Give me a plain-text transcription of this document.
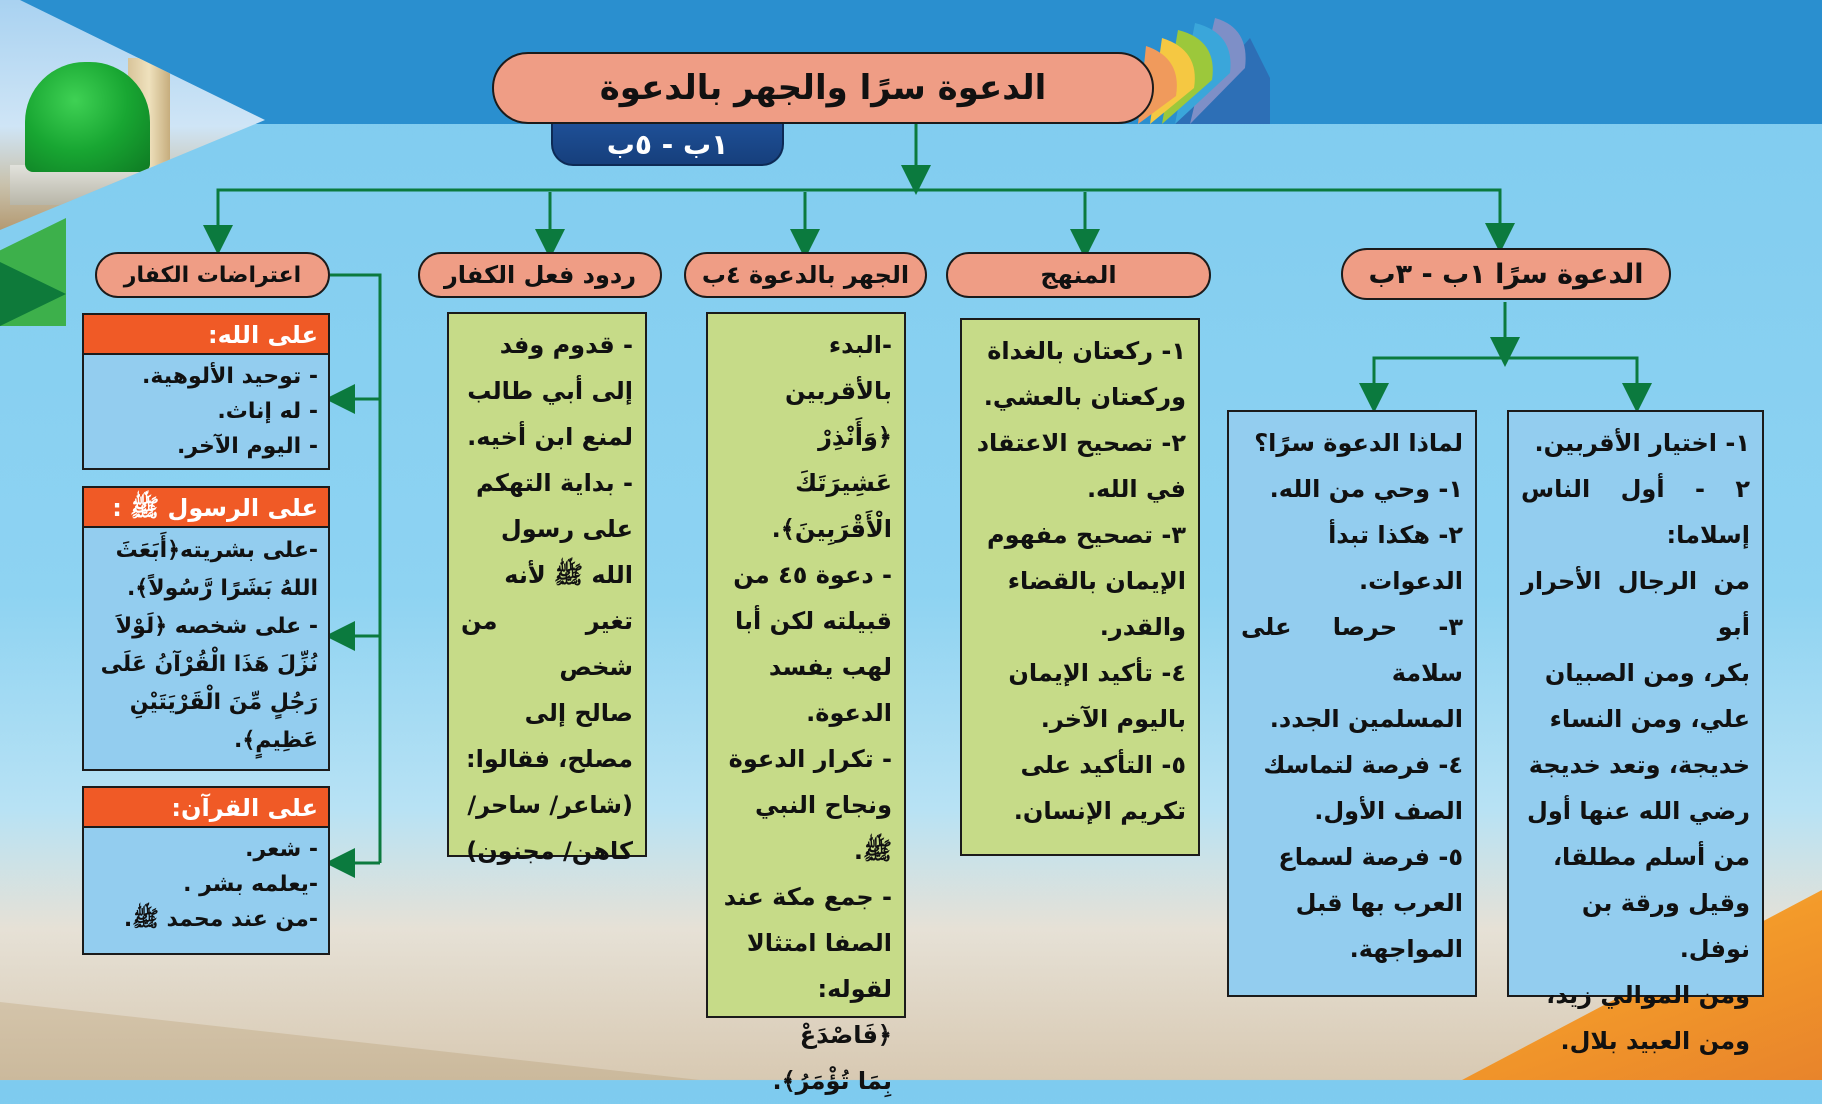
الدعوة سرًا والجهر بالدعوة
١ب - ٥ب
الدعوة سرًا ١ب - ٣ب
المنهج
الجهر بالدعوة ٤ب
ردود فعل الكفار
اعتراضات الكفار
١- اختيار الأقربين.
٢ - أول الناس إسلاما:
من الرجال الأحرار أبو
بكر، ومن الصبيان
علي، ومن النساء
خديجة، وتعد خديجة
رضي الله عنها أول
من أسلم مطلقا،
وقيل ورقة بن
نوفل.
ومن الموالي زيد،
ومن العبيد بلال.
لماذا الدعوة سرًا؟
١- وحي من الله.
٢- هكذا تبدأ
الدعوات.
٣- حرصا على سلامة
المسلمين الجدد.
٤- فرصة لتماسك
الصف الأول.
٥- فرصة لسماع
العرب بها قبل
المواجهة.
١- ركعتان بالغداة
وركعتان بالعشي.
٢- تصحيح الاعتقاد
في الله.
٣- تصحيح مفهوم
الإيمان بالقضاء
والقدر.
٤- تأكيد الإيمان
باليوم الآخر.
٥- التأكيد على
تكريم الإنسان.
-البدء بالأقربين
﴿وَأَنْذِرْ
عَشِيرَتَكَ
الْأَقْرَبِينَ﴾.
- دعوة ٤٥ من
قبيلته لكن أبا
لهب يفسد
الدعوة.
- تكرار الدعوة
ونجاح النبي
ﷺ.
- جمع مكة عند
الصفا امتثالا
لقوله: ﴿فَاصْدَعْ
بِمَا تُؤْمَرُ﴾.
- قدوم وفد
إلى أبي طالب
لمنع ابن أخيه.
- بداية التهكم
على رسول
الله ﷺ لأنه
تغير من شخص
صالح إلى
مصلح، فقالوا:
(شاعر/ ساحر/
كاهن/ مجنون)
على الله:
- توحيد الألوهية.
- له إناث.
- اليوم الآخر.
على الرسول ﷺ :
-على بشريته﴿أَبَعَثَ
اللهُ بَشَرًا رَّسُولاً﴾.
- على شخصه ﴿لَوْلاَ
نُزِّلَ هَذَا الْقُرْآنُ عَلَى
رَجُلٍ مِّنَ الْقَرْيَتَيْنِ
عَظِيمٍ﴾.
على القرآن:
- شعر.
-يعلمه بشر .
-من عند محمد ﷺ.
